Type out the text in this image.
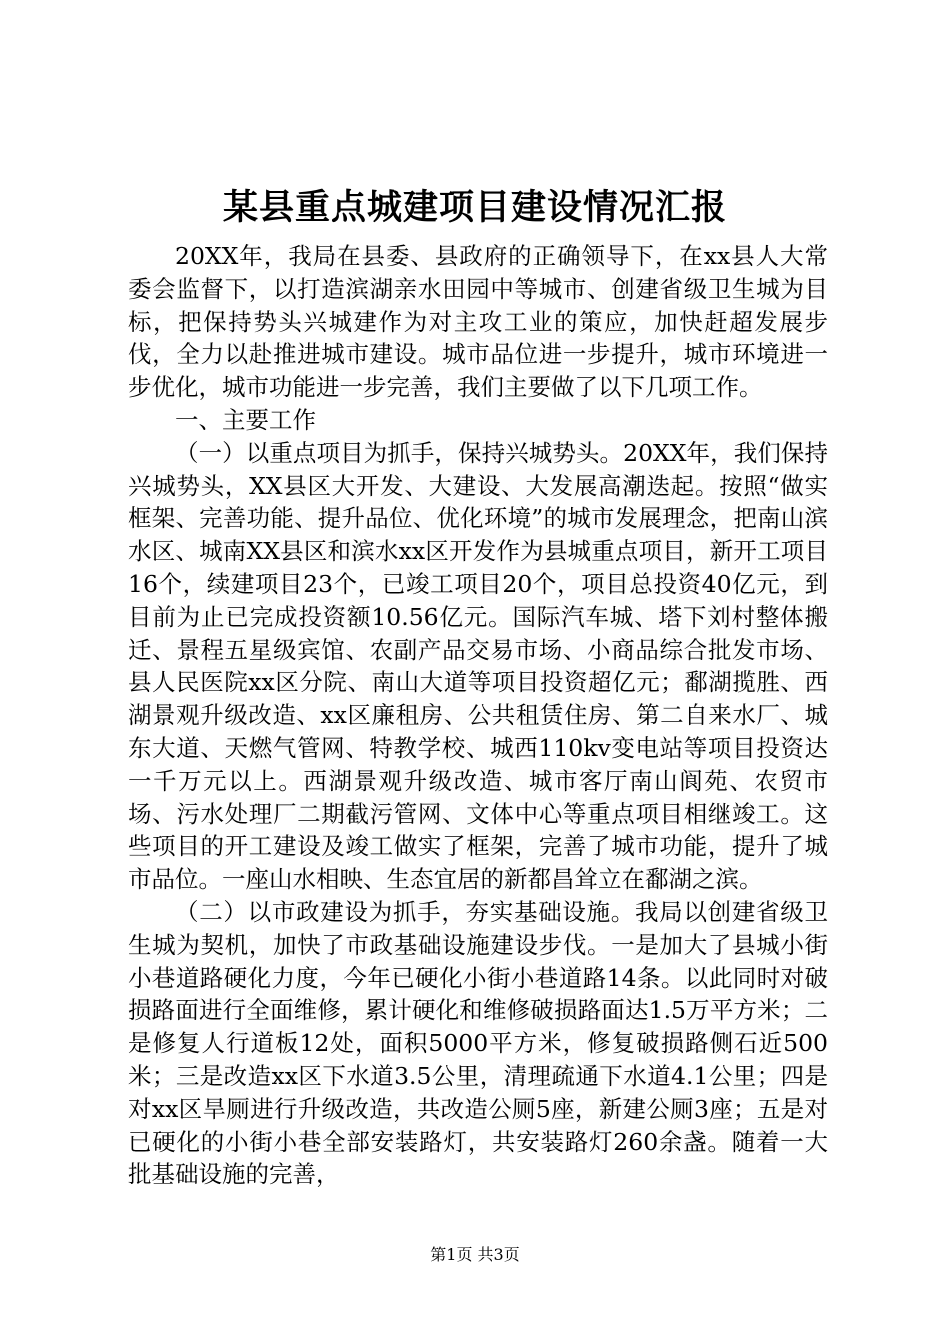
某县重点城建项目建设情况汇报

20XX年，我局在县委、县政府的正确领导下，在xx县人大常委会监督下，以打造滨湖亲水田园中等城市、创建省级卫生城为目标，把保持势头兴城建作为对主攻工业的策应，加快赶超发展步伐，全力以赴推进城市建设。城市品位进一步提升，城市环境进一步优化，城市功能进一步完善，我们主要做了以下几项工作。

一、主要工作

（一）以重点项目为抓手，保持兴城势头。20XX年，我们保持兴城势头，XX县区大开发、大建设、大发展高潮迭起。按照“做实框架、完善功能、提升品位、优化环境”的城市发展理念，把南山滨水区、城南XX县区和滨水xx区开发作为县城重点项目，新开工项目16个，续建项目23个，已竣工项目20个，项目总投资40亿元，到目前为止已完成投资额10.56亿元。国际汽车城、塔下刘村整体搬迁、景程五星级宾馆、农副产品交易市场、小商品综合批发市场、县人民医院xx区分院、南山大道等项目投资超亿元；鄱湖揽胜、西湖景观升级改造、xx区廉租房、公共租赁住房、第二自来水厂、城东大道、天燃气管网、特教学校、城西110kv变电站等项目投资达一千万元以上。西湖景观升级改造、城市客厅南山阆苑、农贸市场、污水处理厂二期截污管网、文体中心等重点项目相继竣工。这些项目的开工建设及竣工做实了框架，完善了城市功能，提升了城市品位。一座山水相映、生态宜居的新都昌耸立在鄱湖之滨。

（二）以市政建设为抓手，夯实基础设施。我局以创建省级卫生城为契机，加快了市政基础设施建设步伐。一是加大了县城小街小巷道路硬化力度，今年已硬化小街小巷道路14条。以此同时对破损路面进行全面维修，累计硬化和维修破损路面达1.5万平方米；二是修复人行道板12处，面积5000平方米，修复破损路侧石近500米；三是改造xx区下水道3.5公里，清理疏通下水道4.1公里；四是对xx区旱厕进行升级改造，共改造公厕5座，新建公厕3座；五是对已硬化的小街小巷全部安装路灯，共安装路灯260余盏。随着一大批基础设施的完善，

第1页 共3页
